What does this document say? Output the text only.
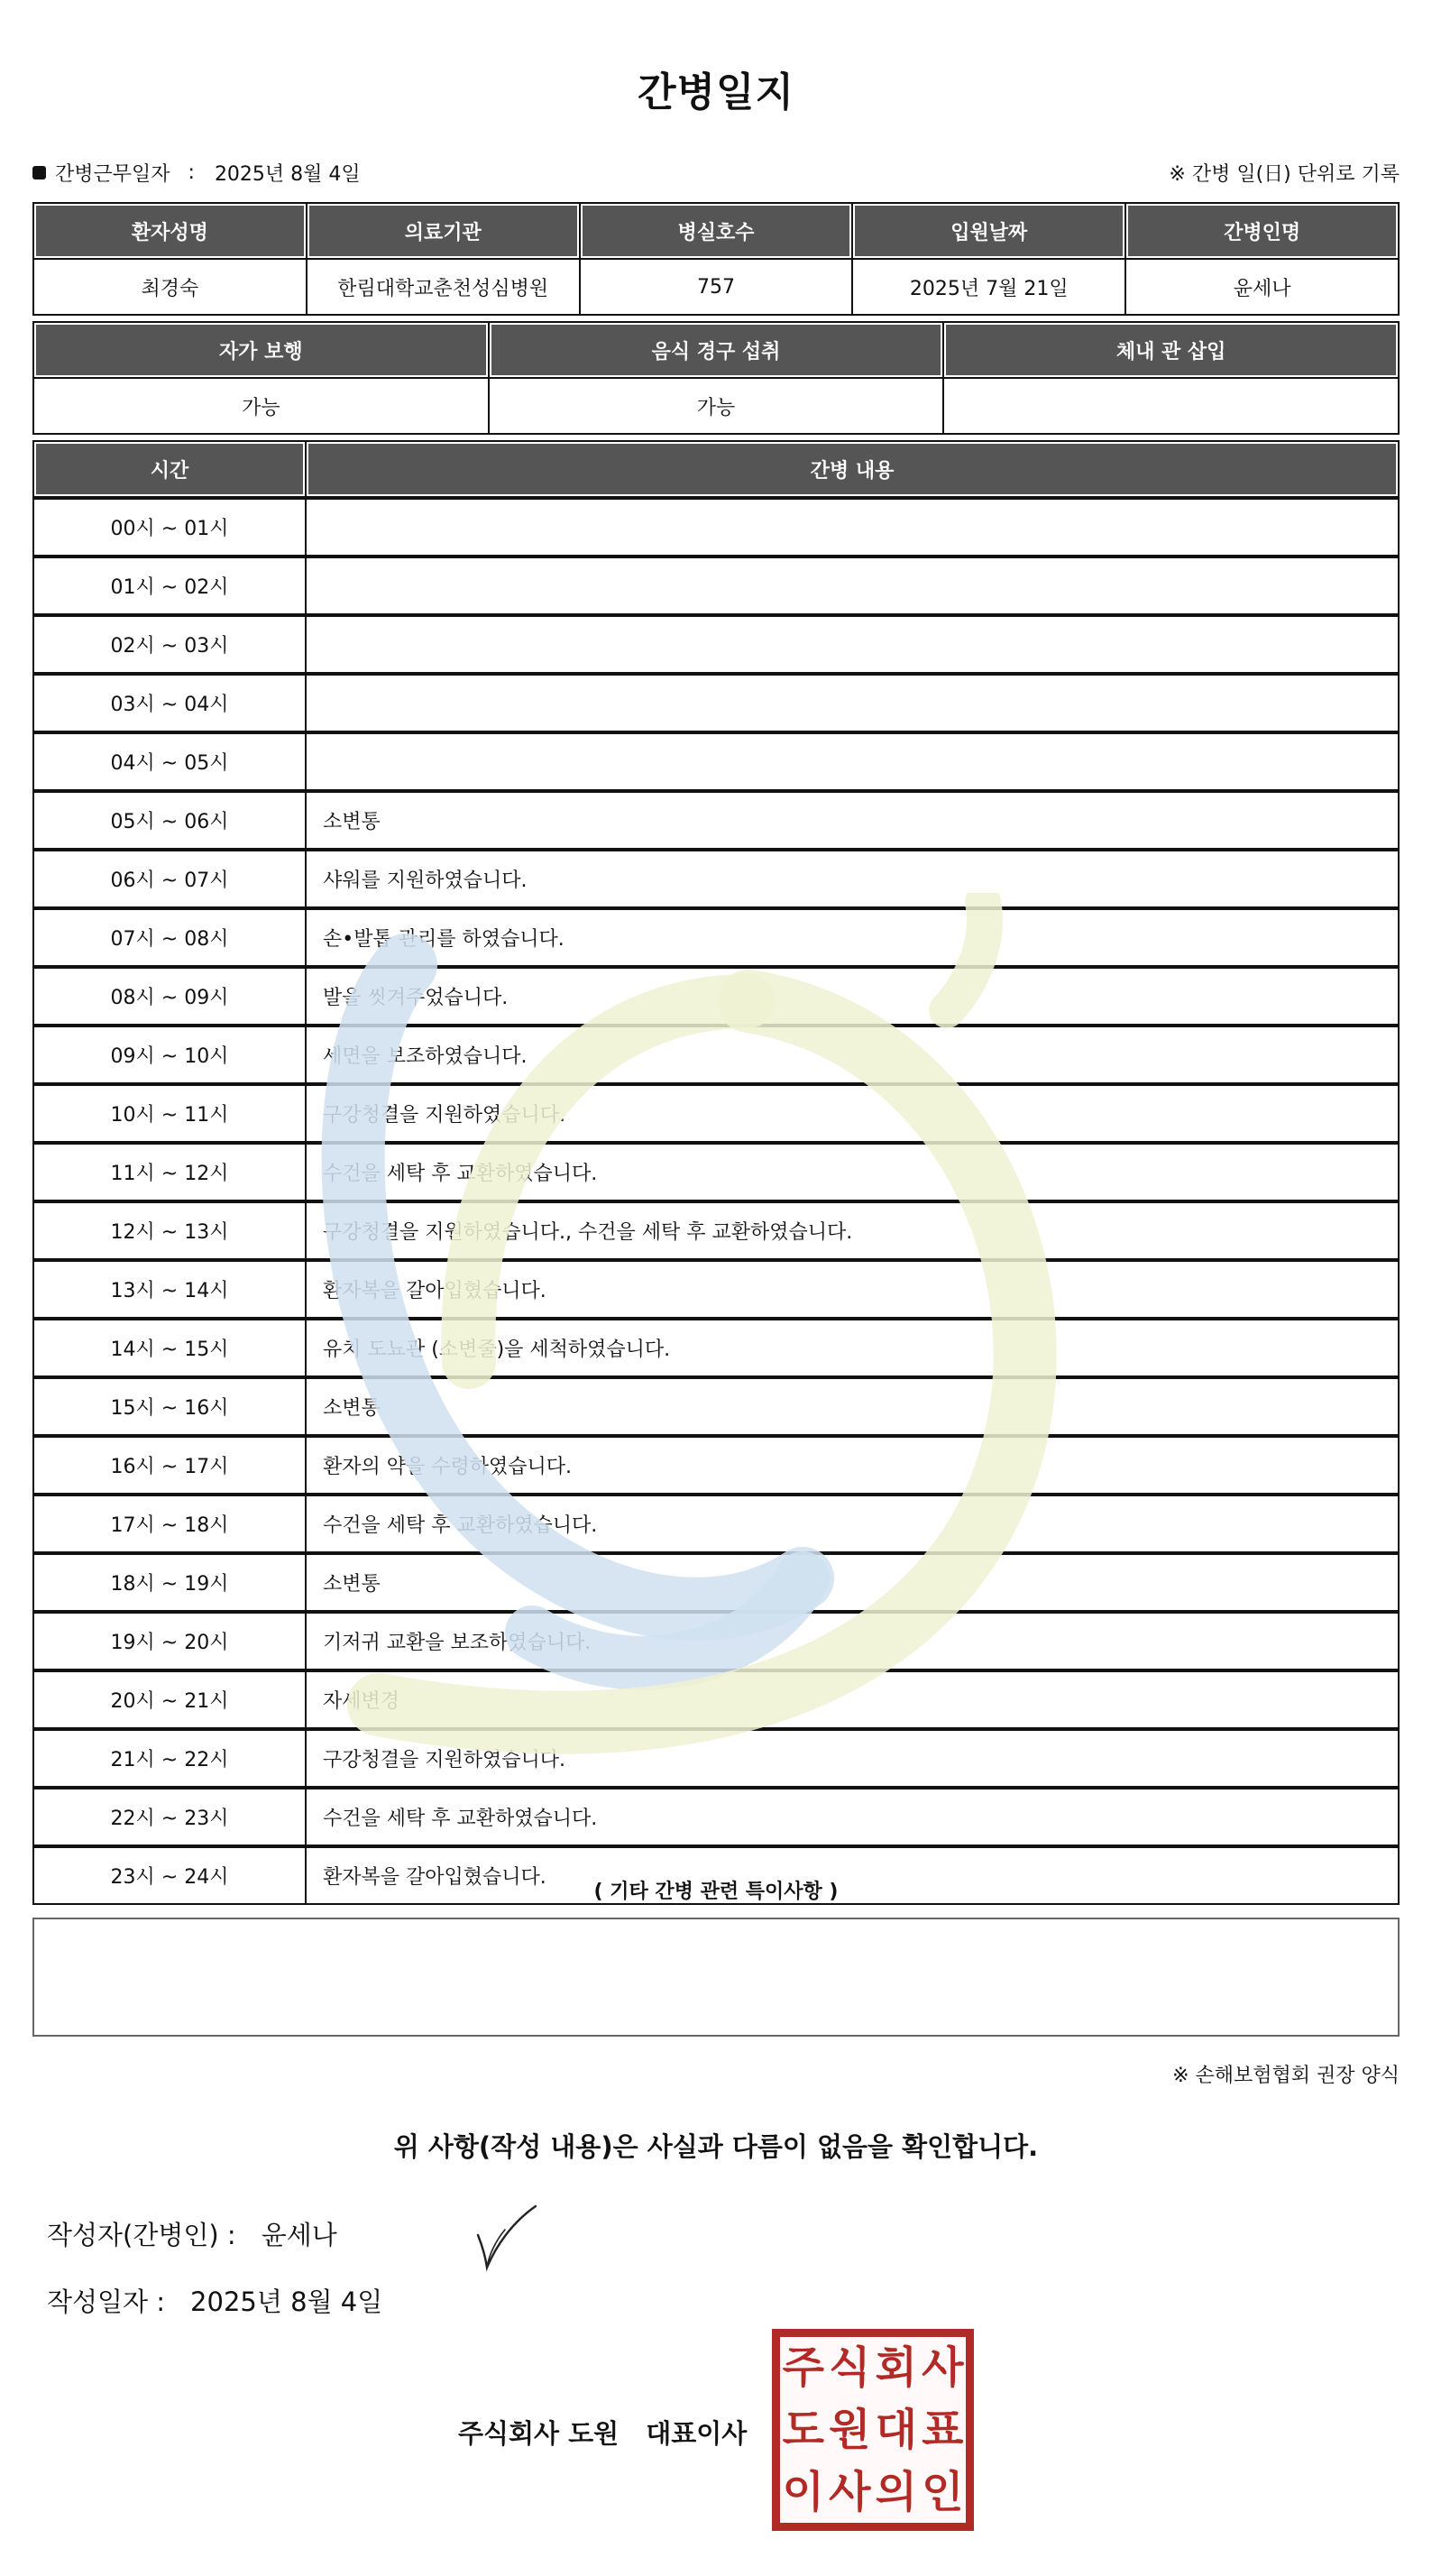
간병일지
간병근무일자 : 2025년 8월 4일	※ 간병 일(日) 단위로 기록
환자성명	의료기관	병실호수	입원날짜	간병인명
최경숙	한림대학교춘천성심병원	757	2025년 7월 21일	윤세나
자가 보행	음식 경구 섭취	체내 관 삽입
가능	가능	
시간	간병 내용
00시 ~ 01시	
01시 ~ 02시	
02시 ~ 03시	
03시 ~ 04시	
04시 ~ 05시	
05시 ~ 06시	소변통
06시 ~ 07시	샤워를 지원하였습니다.
07시 ~ 08시	손•발톱 관리를 하였습니다.
08시 ~ 09시	발을 씻겨주었습니다.
09시 ~ 10시	세면을 보조하였습니다.
10시 ~ 11시	구강청결을 지원하였습니다.
11시 ~ 12시	수건을 세탁 후 교환하였습니다.
12시 ~ 13시	구강청결을 지원하였습니다., 수건을 세탁 후 교환하였습니다.
13시 ~ 14시	환자복을 갈아입혔습니다.
14시 ~ 15시	유치 도뇨관 (소변줄)을 세척하였습니다.
15시 ~ 16시	소변통
16시 ~ 17시	환자의 약을 수령하였습니다.
17시 ~ 18시	수건을 세탁 후 교환하였습니다.
18시 ~ 19시	소변통
19시 ~ 20시	기저귀 교환을 보조하였습니다.
20시 ~ 21시	자세변경
21시 ~ 22시	구강청결을 지원하였습니다.
22시 ~ 23시	수건을 세탁 후 교환하였습니다.
23시 ~ 24시	환자복을 갈아입혔습니다.
( 기타 간병 관련 특이사항 )
※ 손해보험협회 권장 양식
위 사항(작성 내용)은 사실과 다름이 없음을 확인합니다.
작성자(간병인) : 윤세나
작성일자 : 2025년 8월 4일
주식회사 도원 대표이사
주 식 회 사
도 원 대 표
이 사 의 인
